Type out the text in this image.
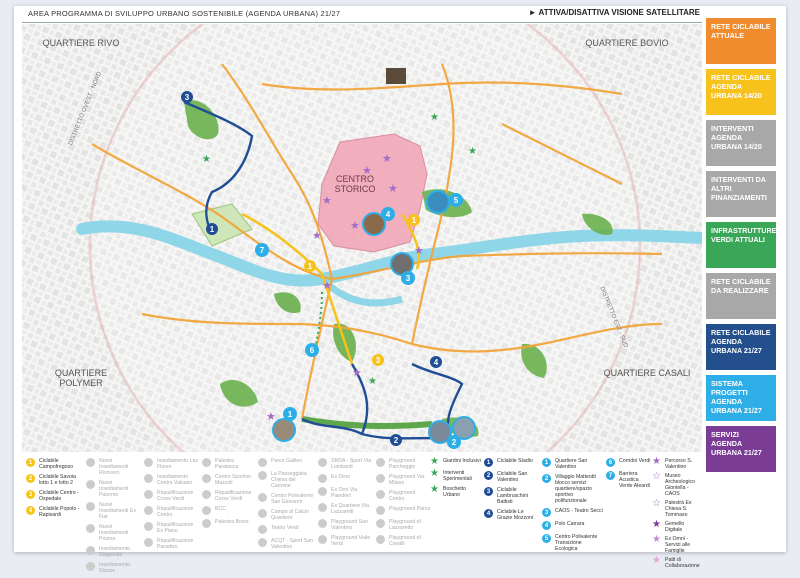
AREA PROGRAMMA DI SVILUPPO URBANO SOSTENIBILE (AGENDA URBANA) 21/27	► ATTIVA/DISATTIVA VISIONE SATELLITARE
★
★
★
★
★
★
★
★
★
★
★
★
★
★
3
1
7
6
4
5
3
1
2
2
4
1
1
3
QUARTIERE RIVO	QUARTIERE BOVIO
QUARTIERE POLYMER
QUARTIERE CASALI
CENTRO STORICO
DISTRETTO OVEST - NORD
DISTRETTO EST - SUD
RETE CICLABILE ATTUALE
RETE CICLABILE AGENDA URBANA 14/20
INTERVENTI AGENDA URBANA 14/20
INTERVENTI DA ALTRI FINANZIAMENTI
INFRASTRUTTURE VERDI ATTUALI
RETE CICLABILE DA REALIZZARE
RETE CICLABILE AGENDA URBANA 21/27
SISTEMA PROGETTI AGENDA URBANA 21/27
SERVIZI AGENDA URBANA 21/27
1	Ciclabile Campofregoso
2	Ciclabile Savoia lotto 1 e lotto 2
3	Ciclabile Centro - Ospedale
4	Ciclabile Popolo - Rapisardi
Nuovi Insediamenti Ricovero
Nuovi Insediamenti Palermo
Nuovi Insediamenti Ex Fiat
Nuovi Insediamenti Prisma
Insediamento Diagonale
Insediamento Stanze
Insediamento Las Flores
Insediamento Centro Valsaso
Riqualificazione Corso Verdi
Riqualificazione Centro
Riqualificazione Ex Piano
Riqualificazione Paradiso
Palestra Paratasca
Centro Sportivo Mazzoli
Riqualificazione Corso Verdi
BCC
Palestra Bovio
Parco Galileo
La Passeggiata Chiesa del Carmine
Centro Polivalente San Giovanni
Campo di Calcio Quartiere
Teatro Verdi
ACQT - Sport San Valentino
SRDA - Sport Via Lombardi
Ex Orno
Ex Orni Via Piandieri
Ex Quartiere Via Lazzaretti
Playground San Valentino
Playground Viale Verdi
Playground Parcheggio
Playground Via Milano
Playground Centro
Playground Parco
Playground di Lazzaretto
Playground di Cavalli
★ Giardini Inclusivi
★ Interventi Sperimentali
★ Boschetto Urbano
1	Ciclabile Stadio
2	Ciclabile San Valentino
3	Ciclabile Lambruschini Battisti
4	Ciclabile Le Grazie Mozzoni
1	Quartiere San Valentino
2	Villaggio Matteotti blocco servizi quartiere/spazio sportivo polifunzionale
3	CAOS - Teatro Secci
4	Polo Carrara
5	Centro Polivalente Transizione Ecologica
6	Corridoi Verdi
7	Barriera Acustica Verde Aleardi
★ Percorso S. Valentino
☆ Museo Archeologico Giontella - CAOS
☆ Palestrà Ex Chiesa S. Tommaso
★ Gemello Digitale
★ Ex Omni - Servizi alle Famiglie
★ Patti di Collaborazione
